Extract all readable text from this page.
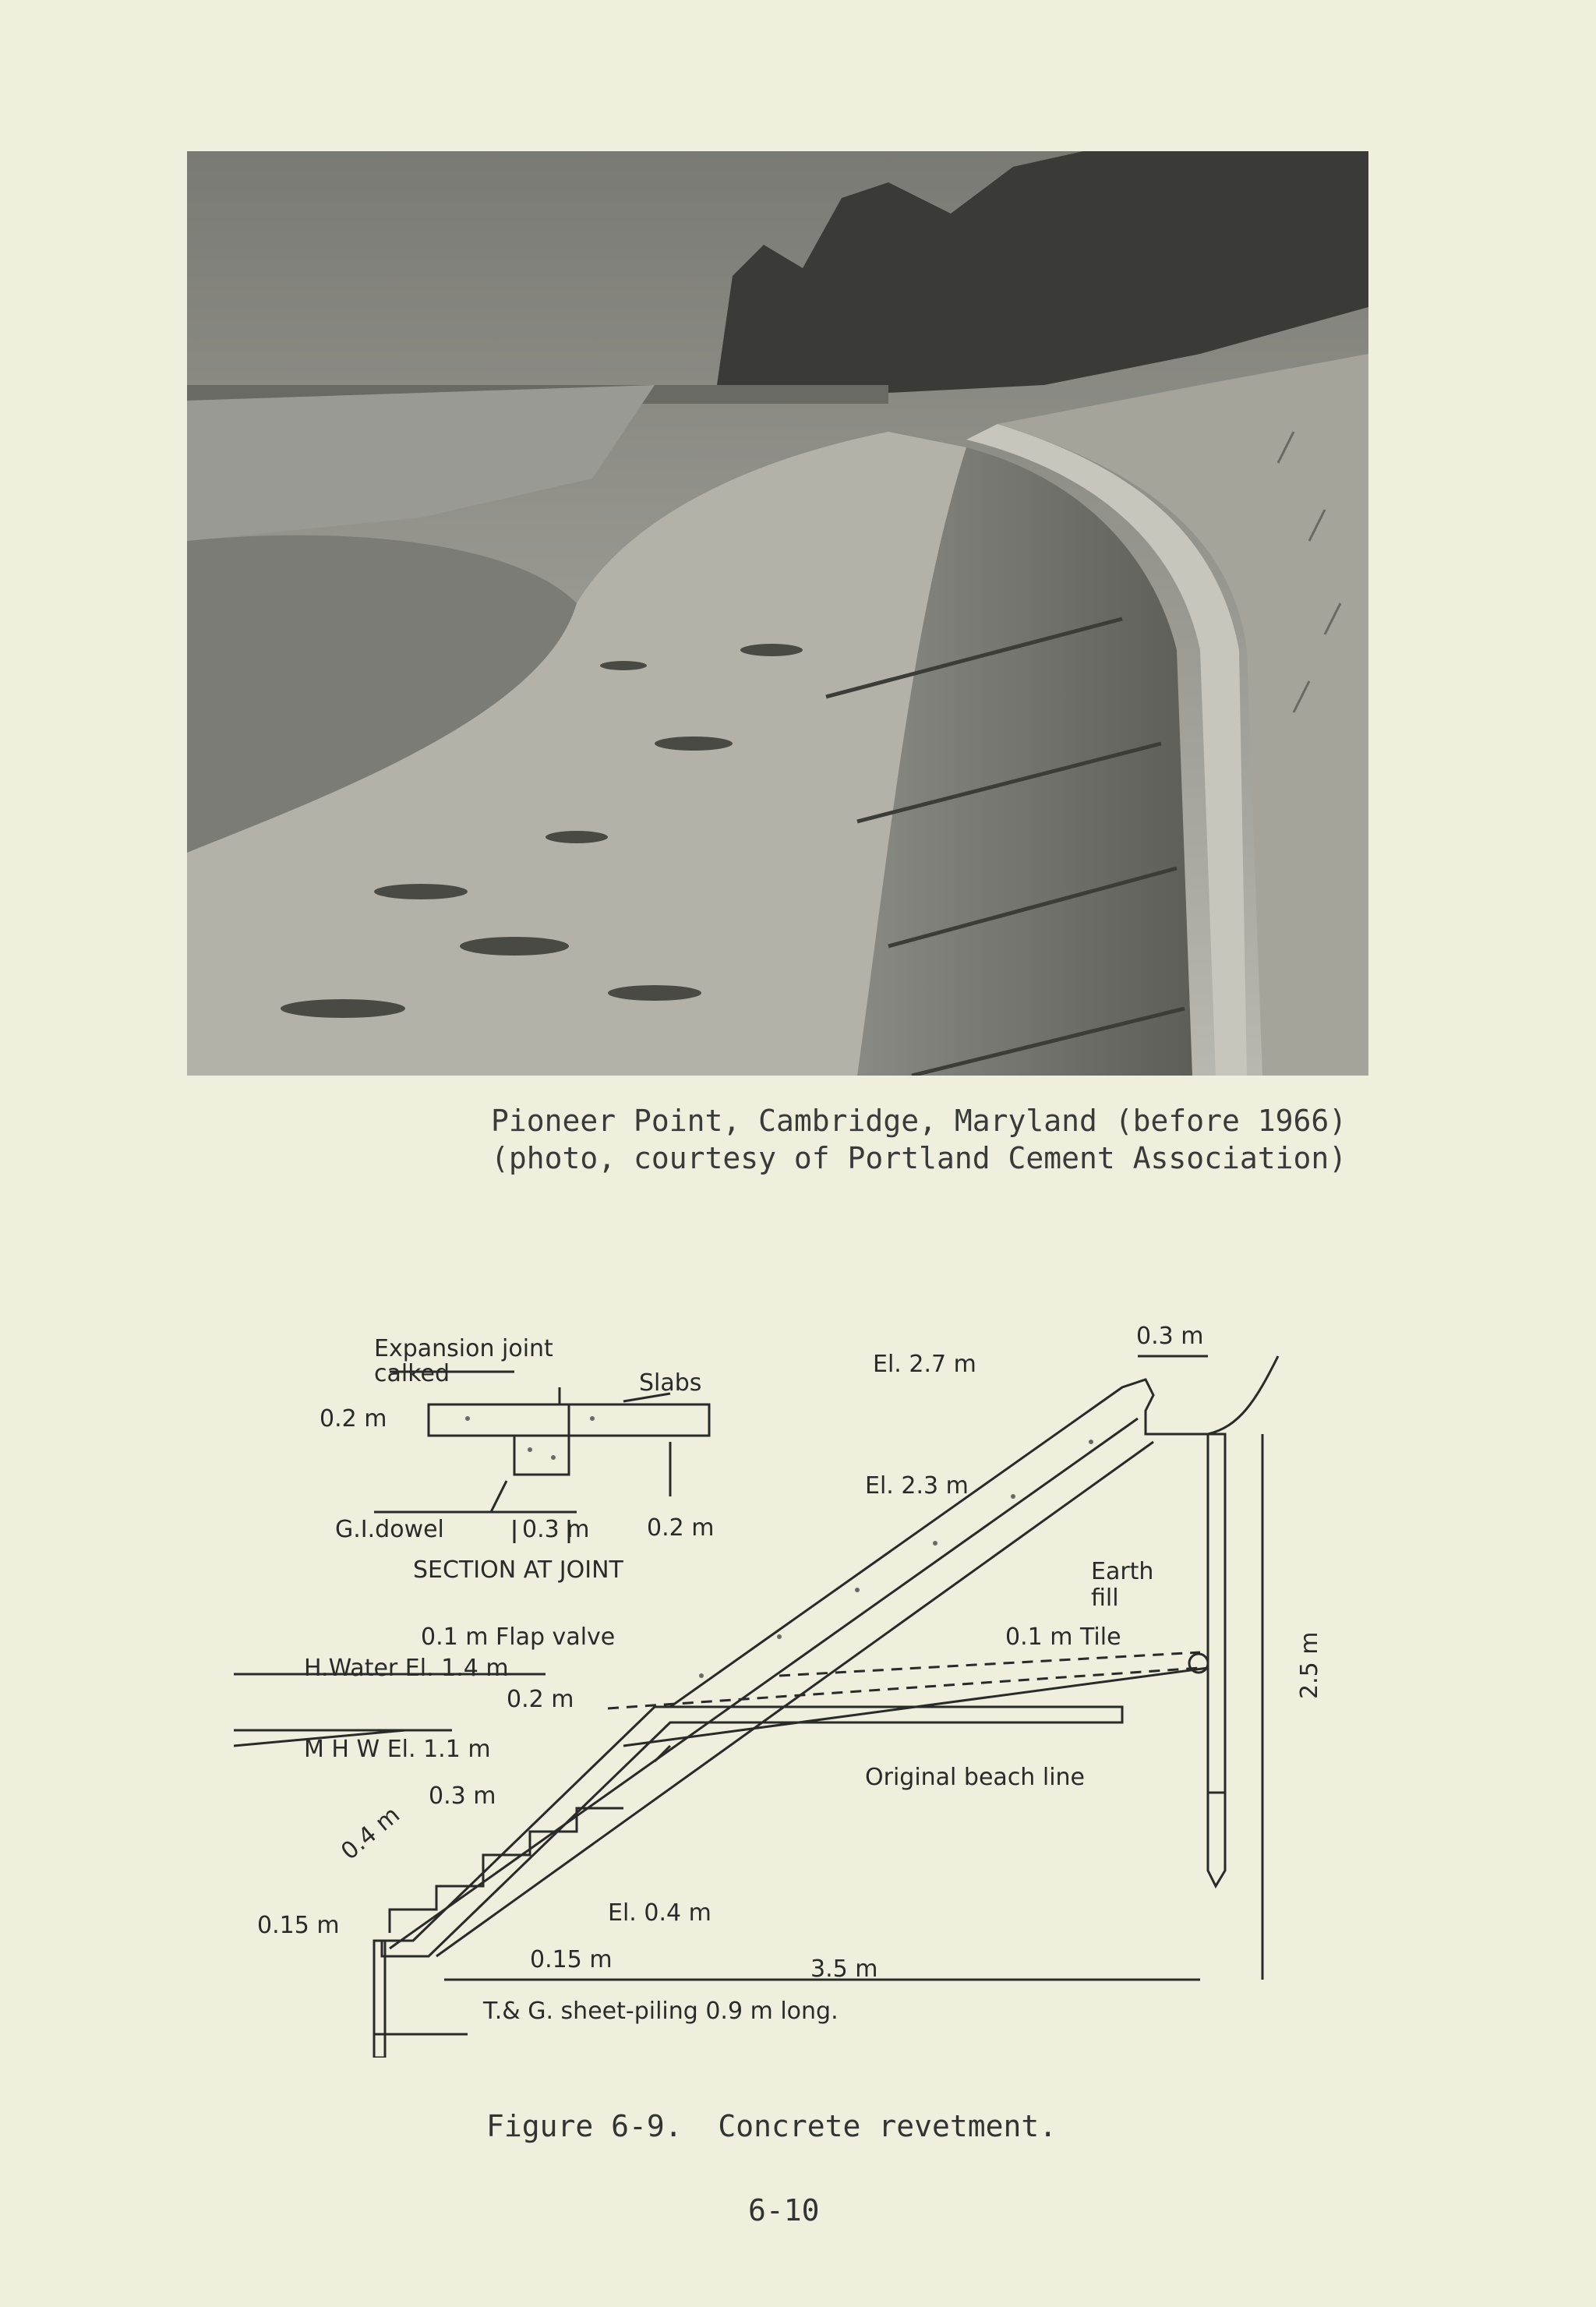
Pioneer Point, Cambridge, Maryland (before 1966)
(photo, courtesy of Portland Cement Association)
Expansion joint
calked	Slabs
0.2 m
G.I.dowel	0.3 m 0.2 m
SECTION AT JOINT
0.3 m
El. 2.7 m
El. 2.3 m
Earth
fill
0.1 m Tile
0.1 m Flap valve
H.Water El. 1.4 m
0.2 m
M H W El. 1.1 m
Original beach line
0.3 m
0.4 m
0.15 m	El. 0.4 m
0.15 m	3.5 m
2.5 m
T.& G. sheet-piling 0.9 m long.
Figure 6-9.  Concrete revetment.
6-10
